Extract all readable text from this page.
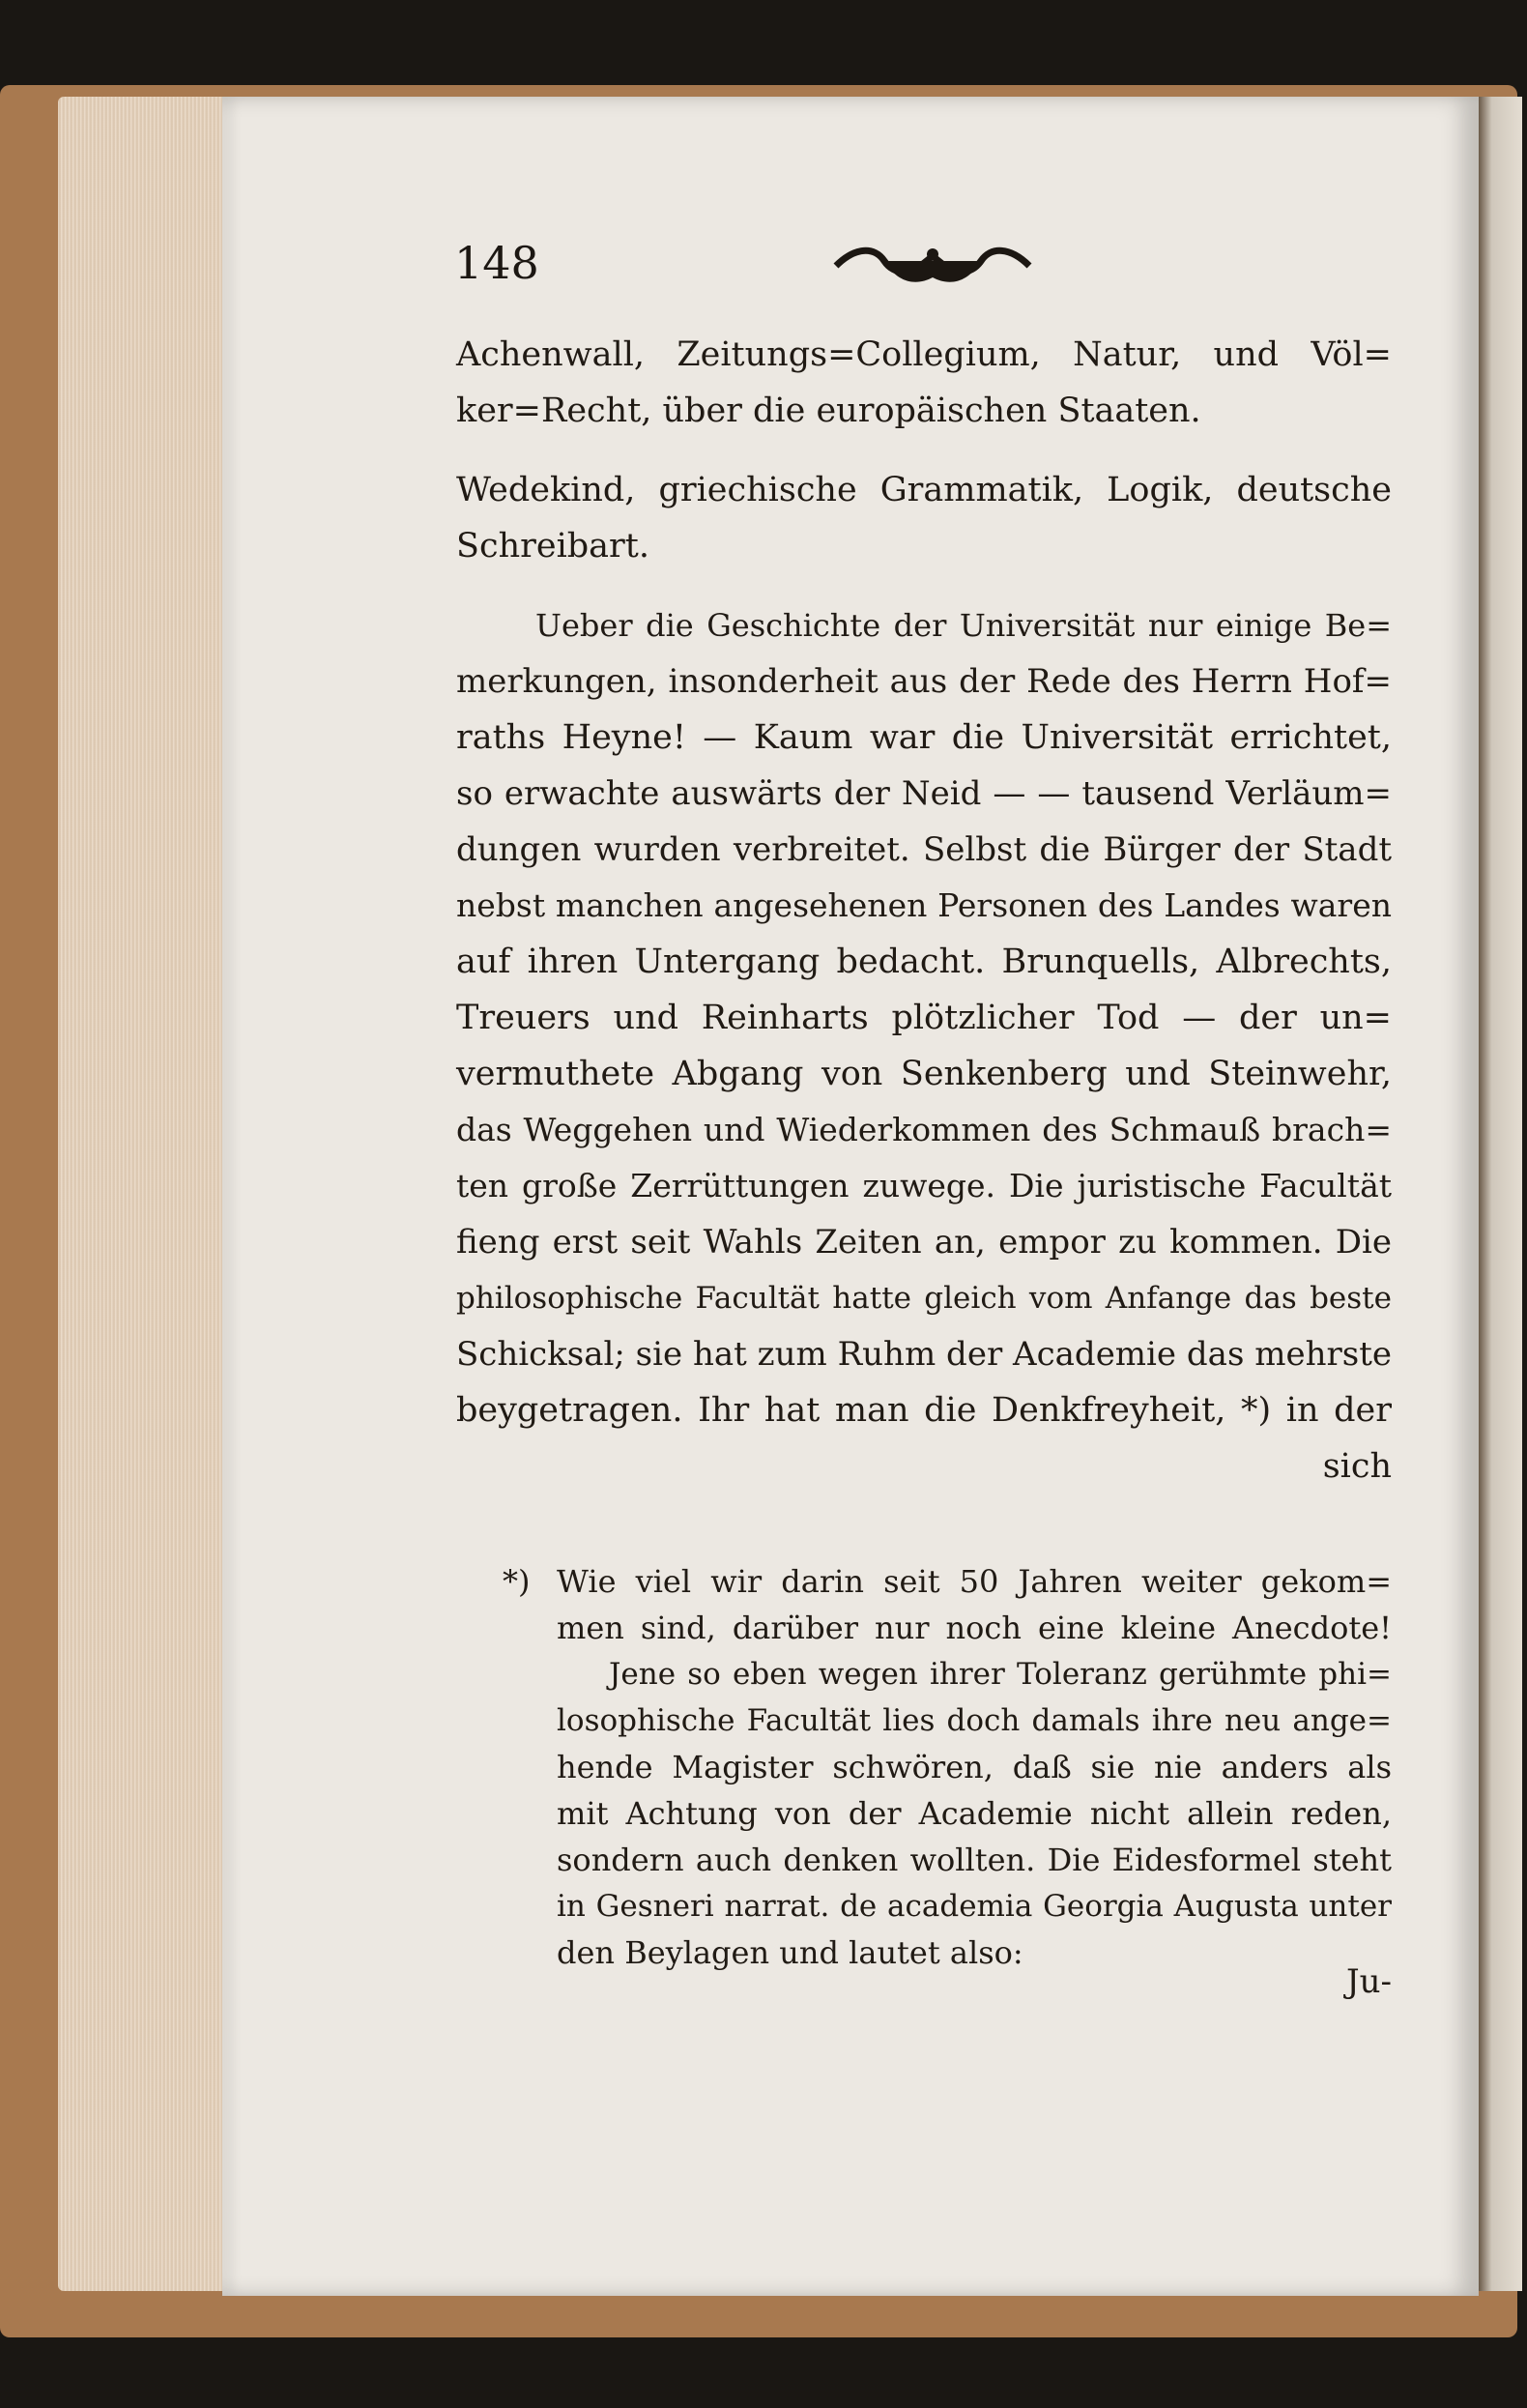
148
Achenwall, Zeitungs=Collegium, Natur, und Völ=
ker=Recht, über die europäischen Staaten.
Wedekind, griechische Grammatik, Logik, deutsche
Schreibart.
Ueber die Geschichte der Universität nur einige Be=
merkungen, insonderheit aus der Rede des Herrn Hof=
raths Heyne! — Kaum war die Universität errichtet,
so erwachte auswärts der Neid — — tausend Verläum=
dungen wurden verbreitet. Selbst die Bürger der Stadt
nebst manchen angesehenen Personen des Landes waren
auf ihren Untergang bedacht. Brunquells, Albrechts,
Treuers und Reinharts plötzlicher Tod — der un=
vermuthete Abgang von Senkenberg und Steinwehr,
das Weggehen und Wiederkommen des Schmauß brach=
ten große Zerrüttungen zuwege. Die juristische Facultät
fieng erst seit Wahls Zeiten an, empor zu kommen. Die
philosophische Facultät hatte gleich vom Anfange das beste
Schicksal; sie hat zum Ruhm der Academie das mehrste
beygetragen. Ihr hat man die Denkfreyheit, *) in der
sich
*) Wie viel wir darin seit 50 Jahren weiter gekom=
men sind, darüber nur noch eine kleine Anecdote!
Jene so eben wegen ihrer Toleranz gerühmte phi=
losophische Facultät lies doch damals ihre neu ange=
hende Magister schwören, daß sie nie anders als
mit Achtung von der Academie nicht allein reden,
sondern auch denken wollten. Die Eidesformel steht
in Gesneri narrat. de academia Georgia Augusta unter
den Beylagen und lautet also:
Ju-
